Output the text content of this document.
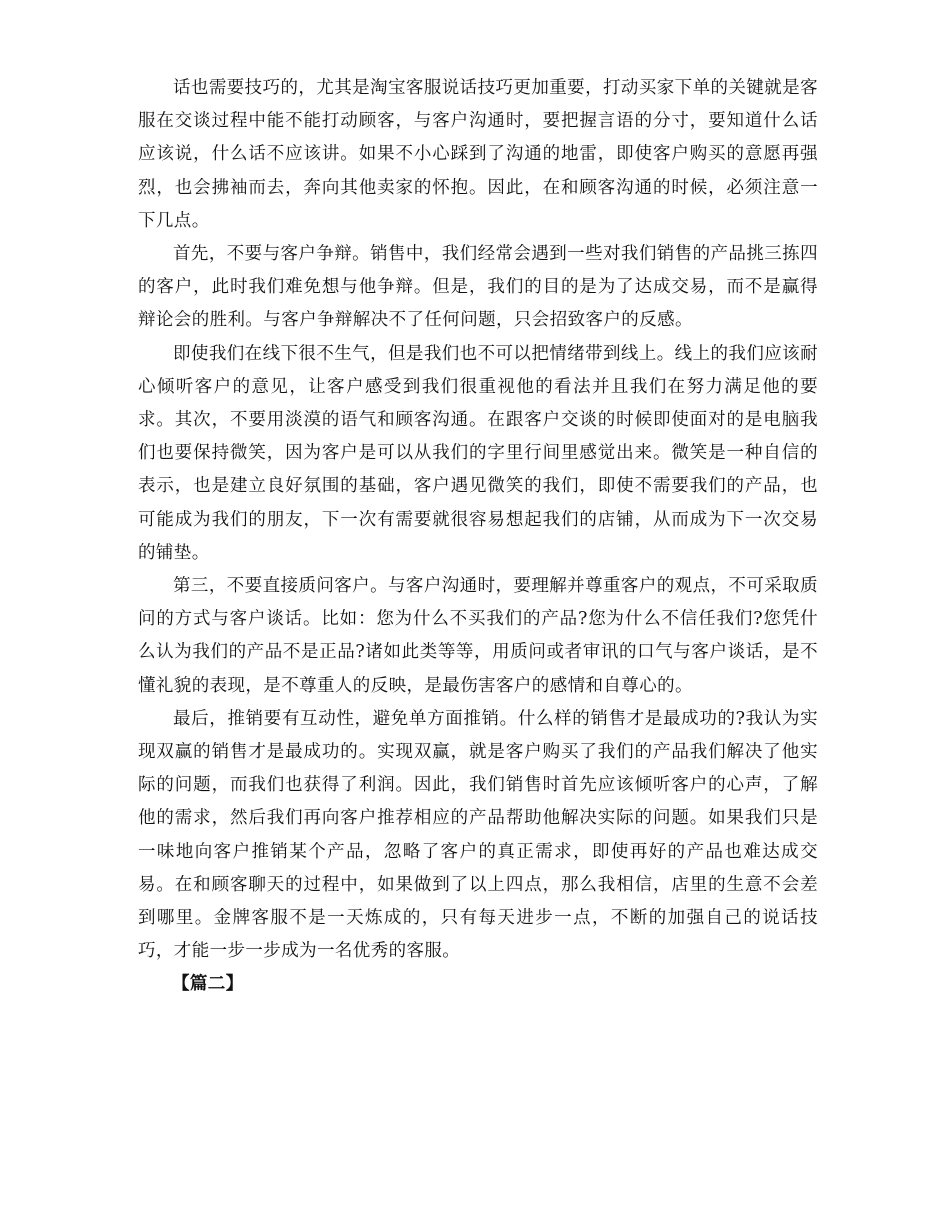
话也需要技巧的，尤其是淘宝客服说话技巧更加重要，打动买家下单的关键就是客服在交谈过程中能不能打动顾客，与客户沟通时，要把握言语的分寸，要知道什么话应该说，什么话不应该讲。如果不小心踩到了沟通的地雷，即使客户购买的意愿再强烈，也会拂袖而去，奔向其他卖家的怀抱。因此，在和顾客沟通的时候，必须注意一下几点。

首先，不要与客户争辩。销售中，我们经常会遇到一些对我们销售的产品挑三拣四的客户，此时我们难免想与他争辩。但是，我们的目的是为了达成交易，而不是赢得辩论会的胜利。与客户争辩解决不了任何问题，只会招致客户的反感。

即使我们在线下很不生气，但是我们也不可以把情绪带到线上。线上的我们应该耐心倾听客户的意见，让客户感受到我们很重视他的看法并且我们在努力满足他的要求。其次，不要用淡漠的语气和顾客沟通。在跟客户交谈的时候即使面对的是电脑我们也要保持微笑，因为客户是可以从我们的字里行间里感觉出来。微笑是一种自信的表示，也是建立良好氛围的基础，客户遇见微笑的我们，即使不需要我们的产品，也可能成为我们的朋友，下一次有需要就很容易想起我们的店铺，从而成为下一次交易的铺垫。

第三，不要直接质问客户。与客户沟通时，要理解并尊重客户的观点，不可采取质问的方式与客户谈话。比如：您为什么不买我们的产品?您为什么不信任我们?您凭什么认为我们的产品不是正品?诸如此类等等，用质问或者审讯的口气与客户谈话，是不懂礼貌的表现，是不尊重人的反映，是最伤害客户的感情和自尊心的。

最后，推销要有互动性，避免单方面推销。什么样的销售才是最成功的?我认为实现双赢的销售才是最成功的。实现双赢，就是客户购买了我们的产品我们解决了他实际的问题，而我们也获得了利润。因此，我们销售时首先应该倾听客户的心声，了解他的需求，然后我们再向客户推荐相应的产品帮助他解决实际的问题。如果我们只是一味地向客户推销某个产品，忽略了客户的真正需求，即使再好的产品也难达成交易。在和顾客聊天的过程中，如果做到了以上四点，那么我相信，店里的生意不会差到哪里。金牌客服不是一天炼成的，只有每天进步一点，不断的加强自己的说话技巧，才能一步一步成为一名优秀的客服。

【篇二】
